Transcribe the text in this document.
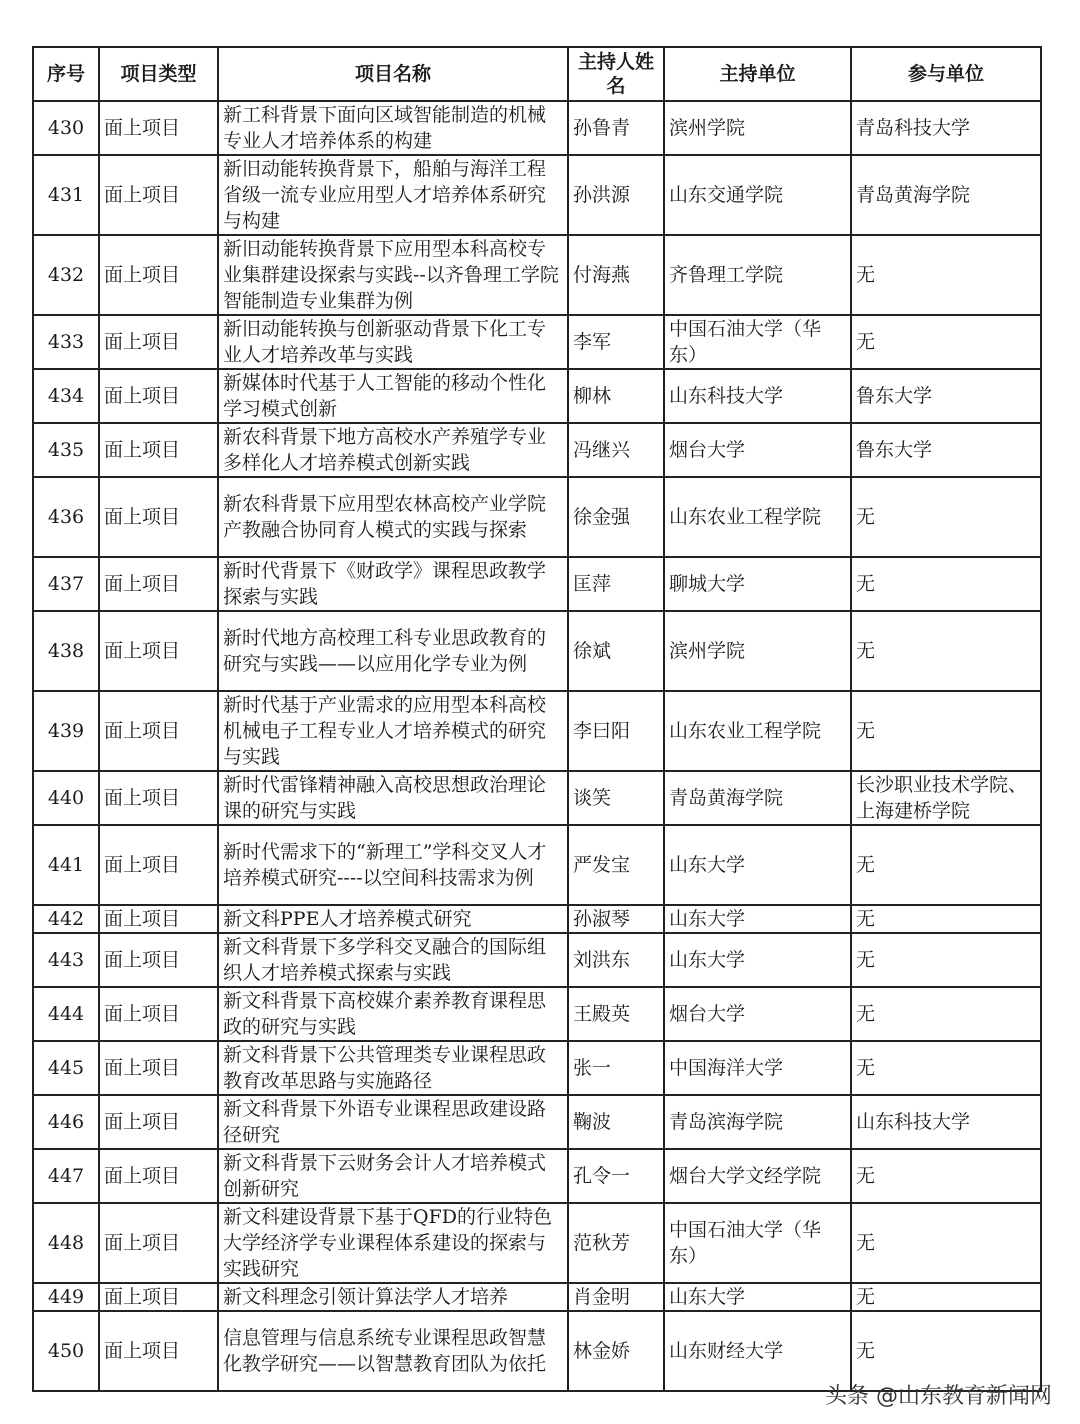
序号	项目类型	项目名称	主持人姓名	主持单位	参与单位
430	面上项目	新工科背景下面向区域智能制造的机械专业人才培养体系的构建	孙鲁青	滨州学院	青岛科技大学
431	面上项目	新旧动能转换背景下，船舶与海洋工程省级一流专业应用型人才培养体系研究与构建	孙洪源	山东交通学院	青岛黄海学院
432	面上项目	新旧动能转换背景下应用型本科高校专业集群建设探索与实践--以齐鲁理工学院智能制造专业集群为例	付海燕	齐鲁理工学院	无
433	面上项目	新旧动能转换与创新驱动背景下化工专业人才培养改革与实践	李军	中国石油大学（华东）	无
434	面上项目	新媒体时代基于人工智能的移动个性化学习模式创新	柳林	山东科技大学	鲁东大学
435	面上项目	新农科背景下地方高校水产养殖学专业多样化人才培养模式创新实践	冯继兴	烟台大学	鲁东大学
436	面上项目	新农科背景下应用型农林高校产业学院 产教融合协同育人模式的实践与探索	徐金强	山东农业工程学院	无
437	面上项目	新时代背景下《财政学》课程思政教学探索与实践	匡萍	聊城大学	无
438	面上项目	新时代地方高校理工科专业思政教育的研究与实践——以应用化学专业为例	徐斌	滨州学院	无
439	面上项目	新时代基于产业需求的应用型本科高校机械电子工程专业人才培养模式的研究与实践	李曰阳	山东农业工程学院	无
440	面上项目	新时代雷锋精神融入高校思想政治理论课的研究与实践	谈笑	青岛黄海学院	长沙职业技术学院、上海建桥学院
441	面上项目	新时代需求下的“新理工”学科交叉人才培养模式研究----以空间科技需求为例	严发宝	山东大学	无
442	面上项目	新文科PPE人才培养模式研究	孙淑琴	山东大学	无
443	面上项目	新文科背景下多学科交叉融合的国际组织人才培养模式探索与实践	刘洪东	山东大学	无
444	面上项目	新文科背景下高校媒介素养教育课程思政的研究与实践	王殿英	烟台大学	无
445	面上项目	新文科背景下公共管理类专业课程思政教育改革思路与实施路径	张一	中国海洋大学	无
446	面上项目	新文科背景下外语专业课程思政建设路径研究	鞠波	青岛滨海学院	山东科技大学
447	面上项目	新文科背景下云财务会计人才培养模式创新研究	孔令一	烟台大学文经学院	无
448	面上项目	新文科建设背景下基于QFD的行业特色大学经济学专业课程体系建设的探索与实践研究	范秋芳	中国石油大学（华东）	无
449	面上项目	新文科理念引领计算法学人才培养	肖金明	山东大学	无
450	面上项目	信息管理与信息系统专业课程思政智慧化教学研究——以智慧教育团队为依托	林金娇	山东财经大学	无
头条 @山东教育新闻网
